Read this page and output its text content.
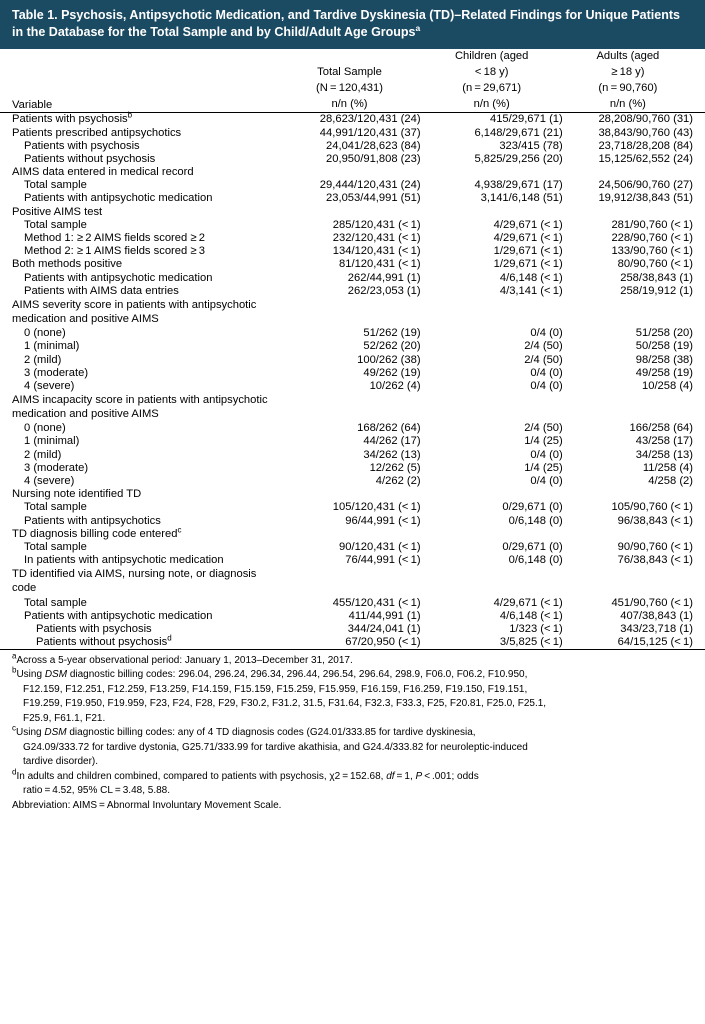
Table 1. Psychosis, Antipsychotic Medication, and Tardive Dyskinesia (TD)–Related Findings for Unique Patients in the Database for the Total Sample and by Child/Adult Age Groups$^a$
		Children (aged	Adults (aged
	Total Sample	< 18 y)	≥ 18 y)
	(N = 120,431)	(n = 29,671)	(n = 90,760)
Variable	n/n (%)	n/n (%)	n/n (%)
Patients with psychosis$^b$	28,623/120,431 (24)	415/29,671 (1)	28,208/90,760 (31)
Patients prescribed antipsychotics	44,991/120,431 (37)	6,148/29,671 (21)	38,843/90,760 (43)
Patients with psychosis	24,041/28,623 (84)	323/415 (78)	23,718/28,208 (84)
Patients without psychosis	20,950/91,808 (23)	5,825/29,256 (20)	15,125/62,552 (24)
AIMS data entered in medical record			
Total sample	29,444/120,431 (24)	4,938/29,671 (17)	24,506/90,760 (27)
Patients with antipsychotic medication	23,053/44,991 (51)	3,141/6,148 (51)	19,912/38,843 (51)
Positive AIMS test			
Total sample	285/120,431 (< 1)	4/29,671 (< 1)	281/90,760 (< 1)
Method 1: ≥ 2 AIMS fields scored ≥ 2	232/120,431 (< 1)	4/29,671 (< 1)	228/90,760 (< 1)
Method 2: ≥ 1 AIMS fields scored ≥ 3	134/120,431 (< 1)	1/29,671 (< 1)	133/90,760 (< 1)
Both methods positive	81/120,431 (< 1)	1/29,671 (< 1)	80/90,760 (< 1)
Patients with antipsychotic medication	262/44,991 (1)	4/6,148 (< 1)	258/38,843 (1)
Patients with AIMS data entries	262/23,053 (1)	4/3,141 (< 1)	258/19,912 (1)
AIMS severity score in patients with antipsychotic medication and positive AIMS			
0 (none)	51/262 (19)	0/4 (0)	51/258 (20)
1 (minimal)	52/262 (20)	2/4 (50)	50/258 (19)
2 (mild)	100/262 (38)	2/4 (50)	98/258 (38)
3 (moderate)	49/262 (19)	0/4 (0)	49/258 (19)
4 (severe)	10/262 (4)	0/4 (0)	10/258 (4)
AIMS incapacity score in patients with antipsychotic medication and positive AIMS			
0 (none)	168/262 (64)	2/4 (50)	166/258 (64)
1 (minimal)	44/262 (17)	1/4 (25)	43/258 (17)
2 (mild)	34/262 (13)	0/4 (0)	34/258 (13)
3 (moderate)	12/262 (5)	1/4 (25)	11/258 (4)
4 (severe)	4/262 (2)	0/4 (0)	4/258 (2)
Nursing note identified TD			
Total sample	105/120,431 (< 1)	0/29,671 (0)	105/90,760 (< 1)
Patients with antipsychotics	96/44,991 (< 1)	0/6,148 (0)	96/38,843 (< 1)
TD diagnosis billing code entered$^c$			
Total sample	90/120,431 (< 1)	0/29,671 (0)	90/90,760 (< 1)
In patients with antipsychotic medication	76/44,991 (< 1)	0/6,148 (0)	76/38,843 (< 1)
TD identified via AIMS, nursing note, or diagnosis code			
Total sample	455/120,431 (< 1)	4/29,671 (< 1)	451/90,760 (< 1)
Patients with antipsychotic medication	411/44,991 (1)	4/6,148 (< 1)	407/38,843 (1)
Patients with psychosis	344/24,041 (1)	1/323 (< 1)	343/23,718 (1)
Patients without psychosis$^d$	67/20,950 (< 1)	3/5,825 (< 1)	64/15,125 (< 1)

$^a$Across a 5-year observational period: January 1, 2013–December 31, 2017.

$^b$Using DSM diagnostic billing codes: 296.04, 296.24, 296.34, 296.44, 296.54, 296.64, 298.9, F06.0, F06.2, F10.950,

F12.159, F12.251, F12.259, F13.259, F14.159, F15.159, F15.259, F15.959, F16.159, F16.259, F19.150, F19.151,

F19.259, F19.950, F19.959, F23, F24, F28, F29, F30.2, F31.2, 31.5, F31.64, F32.3, F33.3, F25, F20.81, F25.0, F25.1,

F25.9, F61.1, F21.

$^c$Using DSM diagnostic billing codes: any of 4 TD diagnosis codes (G24.01/333.85 for tardive dyskinesia,

G24.09/333.72 for tardive dystonia, G25.71/333.99 for tardive akathisia, and G24.4/333.82 for neuroleptic-induced

tardive disorder).

$^d$In adults and children combined, compared to patients with psychosis, χ2 = 152.68, df = 1, P < .001; odds

ratio = 4.52, 95% CL = 3.48, 5.88.

Abbreviation: AIMS = Abnormal Involuntary Movement Scale.
